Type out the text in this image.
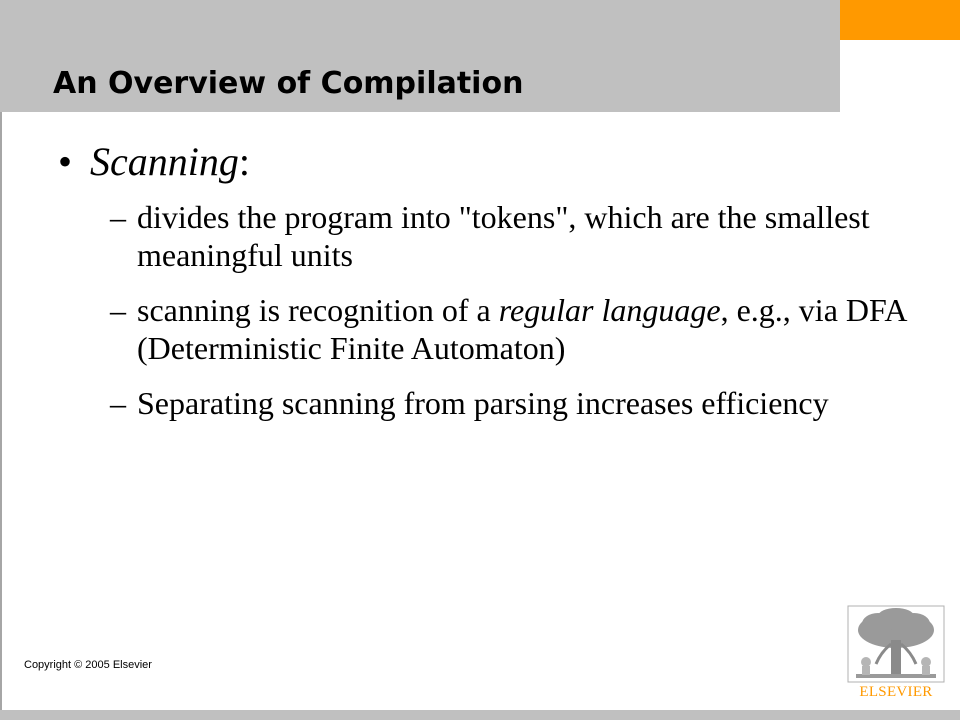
An Overview of Compilation
• Scanning:
– divides the program into "tokens", which are the smallest meaningful units
– scanning is recognition of a regular language, e.g., via DFA (Deterministic Finite Automaton)
– Separating scanning from parsing increases efficiency
Copyright © 2005 Elsevier
ELSEVIER
